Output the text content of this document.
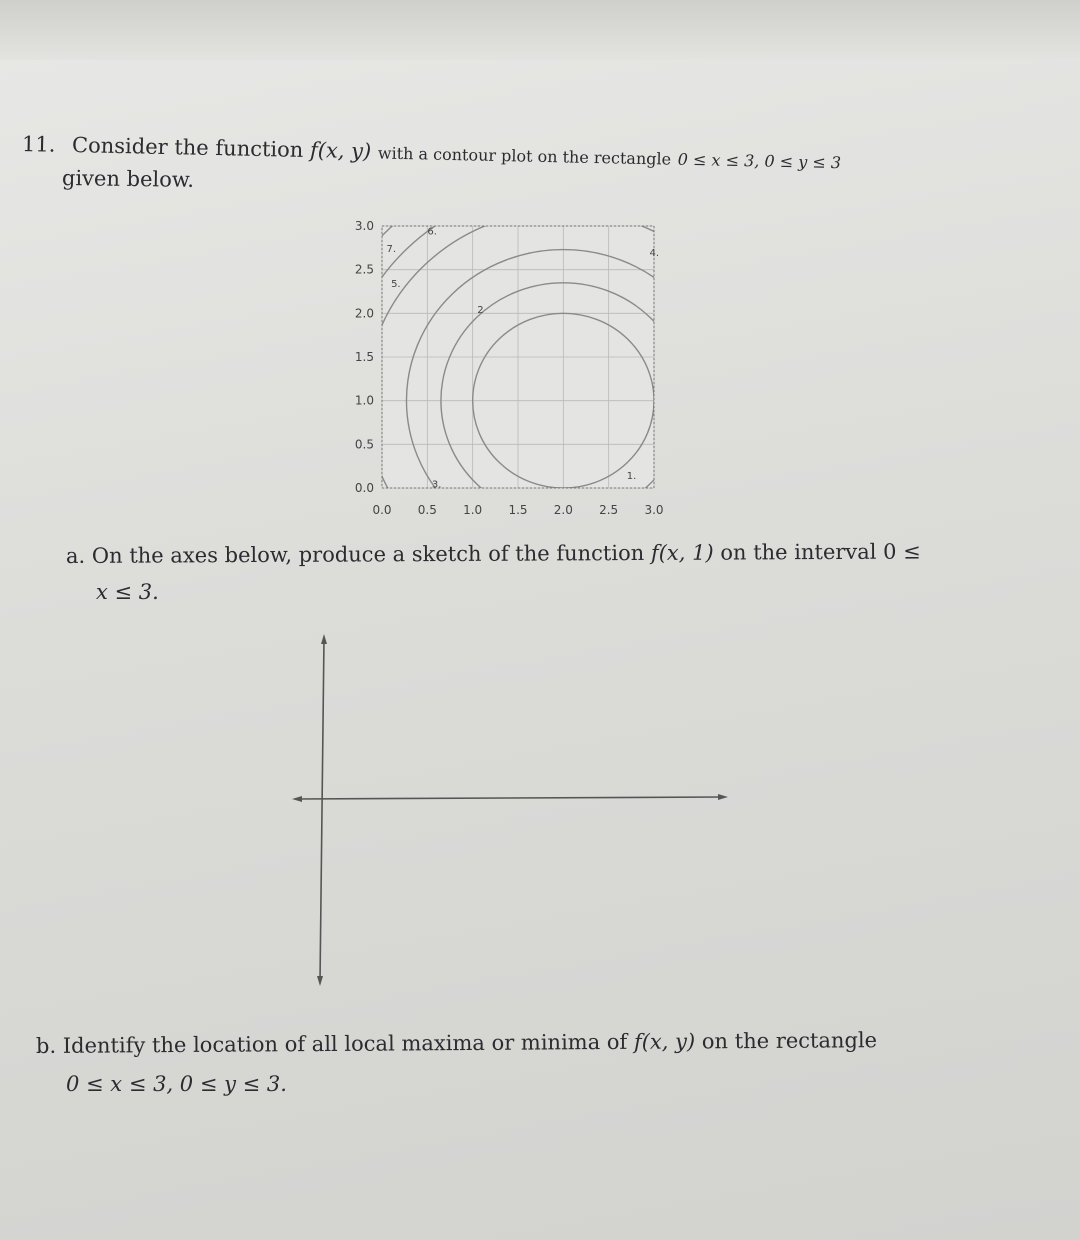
11. Consider the function f(x, y) with a contour plot on the rectangle 0 ≤ x ≤ 3, 0 ≤ y ≤ 3
given below.
1.
2
3.
4.
5.
6.
7.
0.0 0.5 1.0 1.5 2.0 2.5 3.0
0.0
0.5
1.0
1.5
2.0
2.5
3.0
a. On the axes below, produce a sketch of the function f(x, 1) on the interval 0 ≤
x ≤ 3.
b. Identify the location of all local maxima or minima of f(x, y) on the rectangle
0 ≤ x ≤ 3, 0 ≤ y ≤ 3.
